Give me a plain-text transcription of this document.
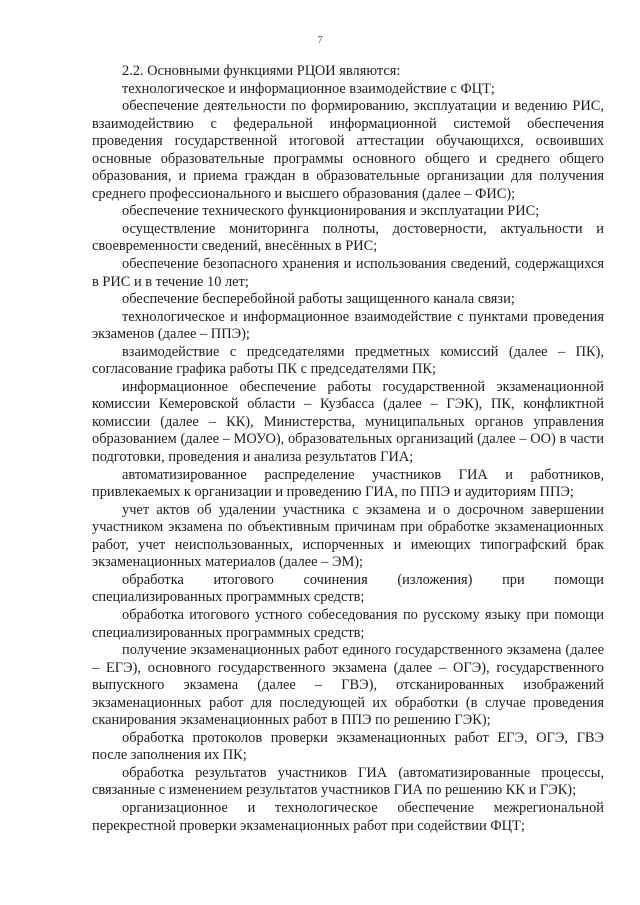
7

2.2. Основными функциями РЦОИ являются:

технологическое и информационное взаимодействие с ФЦТ;

обеспечение деятельности по формированию, эксплуатации и ведению РИС, взаимодействию с федеральной информационной системой обеспечения проведения государственной итоговой аттестации обучающихся, освоивших основные образовательные программы основного общего и среднего общего образования, и приема граждан в образовательные организации для получения среднего профессионального и высшего образования (далее – ФИС);

обеспечение технического функционирования и эксплуатации РИС;

осуществление мониторинга полноты, достоверности, актуальности и своевременности сведений, внесённых в РИС;

обеспечение безопасного хранения и использования сведений, содержащихся в РИС и в течение 10 лет;

обеспечение бесперебойной работы защищенного канала связи;

технологическое и информационное взаимодействие с пунктами проведения экзаменов (далее – ППЭ);

взаимодействие с председателями предметных комиссий (далее – ПК), согласование графика работы ПК с председателями ПК;

информационное обеспечение работы государственной экзаменационной комиссии Кемеровской области – Кузбасса (далее – ГЭК), ПК, конфликтной комиссии (далее – КК), Министерства, муниципальных органов управления образованием (далее – МОУО), образовательных организаций (далее – ОО) в части подготовки, проведения и анализа результатов ГИА;

автоматизированное распределение участников ГИА и работников, привлекаемых к организации и проведению ГИА, по ППЭ и аудиториям ППЭ;

учет актов об удалении участника с экзамена и о досрочном завершении участником экзамена по объективным причинам при обработке экзаменационных работ, учет неиспользованных, испорченных и имеющих типографский брак экзаменационных материалов (далее – ЭМ);

обработка итогового сочинения (изложения) при помощи специализированных программных средств;

обработка итогового устного собеседования по русскому языку при помощи специализированных программных средств;

получение экзаменационных работ единого государственного экзамена (далее – ЕГЭ), основного государственного экзамена (далее – ОГЭ), государственного выпускного экзамена (далее – ГВЭ), отсканированных изображений экзаменационных работ для последующей их обработки (в случае проведения сканирования экзаменационных работ в ППЭ по решению ГЭК);

обработка протоколов проверки экзаменационных работ ЕГЭ, ОГЭ, ГВЭ после заполнения их ПК;

обработка результатов участников ГИА (автоматизированные процессы, связанные с изменением результатов участников ГИА по решению КК и ГЭК);

организационное и технологическое обеспечение межрегиональной перекрестной проверки экзаменационных работ при содействии ФЦТ;
